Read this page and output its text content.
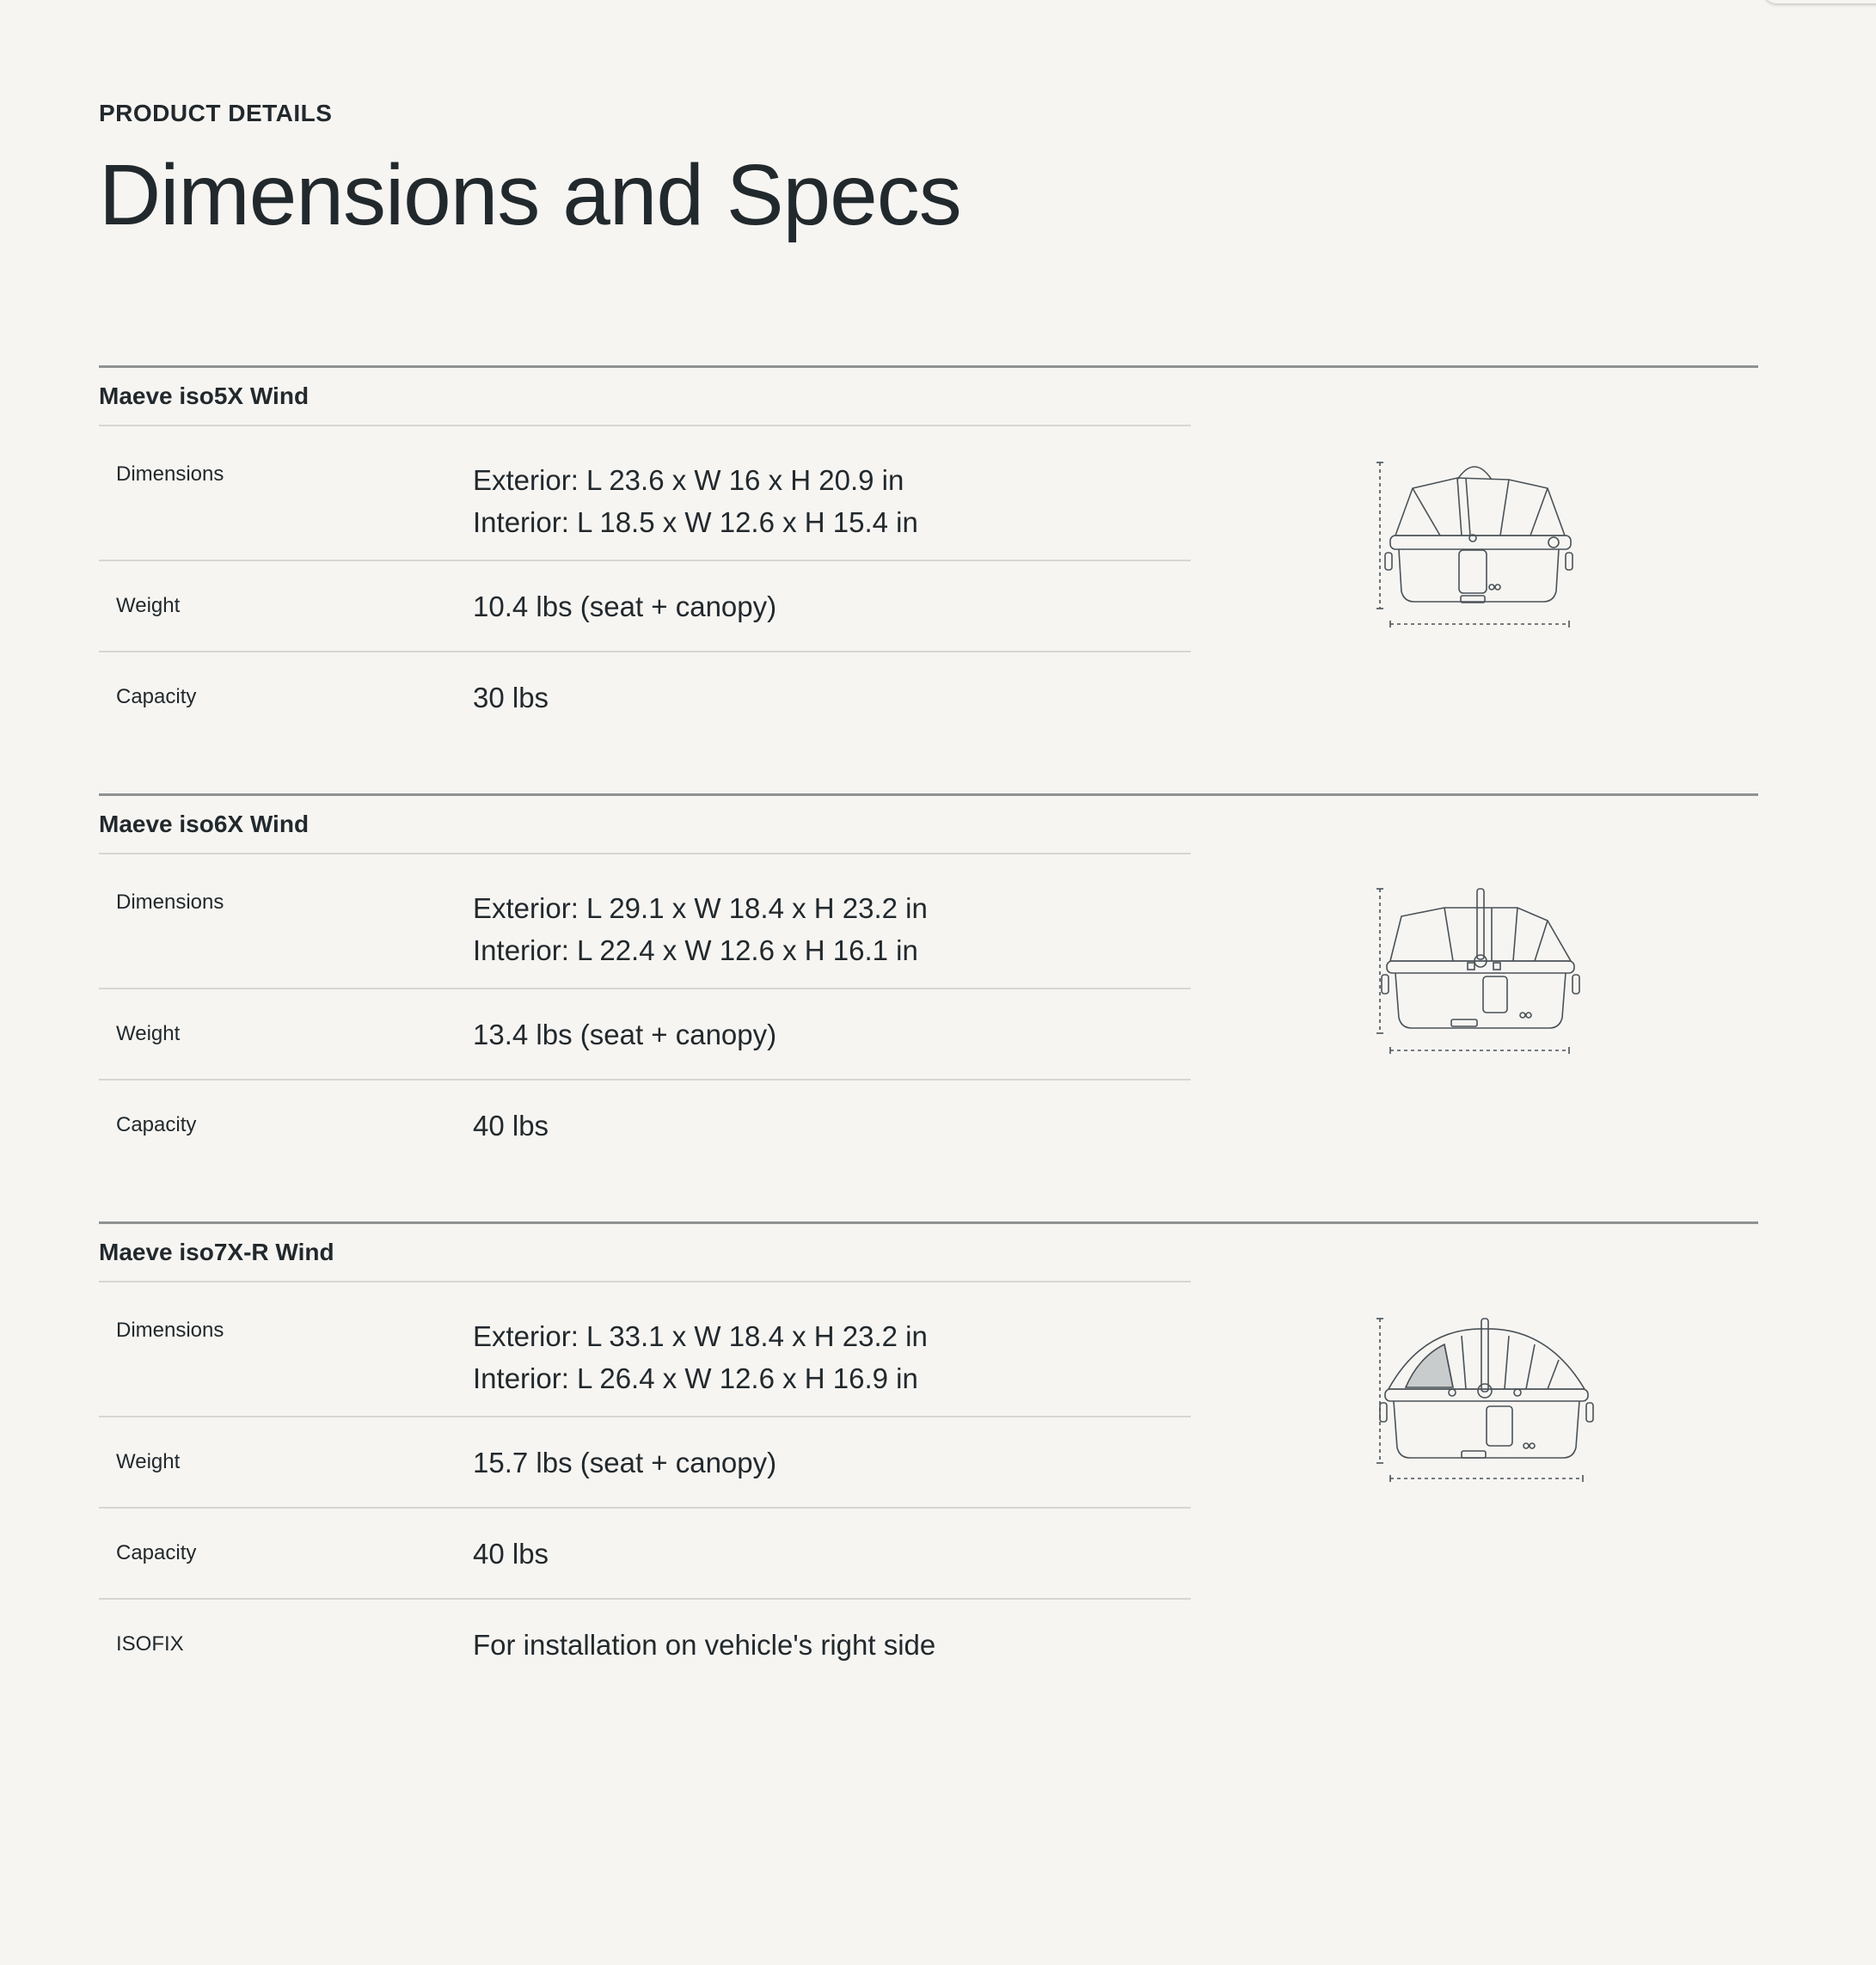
PRODUCT DETAILS
Dimensions and Specs
Maeve iso5X Wind
Dimensions	Exterior: L 23.6 x W 16 x H 20.9 in
Interior: L 18.5 x W 12.6 x H 15.4 in
Weight	10.4 lbs (seat + canopy)
Capacity	30 lbs
Maeve iso6X Wind
Dimensions	Exterior: L 29.1 x W 18.4 x H 23.2 in
Interior: L 22.4 x W 12.6 x H 16.1 in
Weight	13.4 lbs (seat + canopy)
Capacity	40 lbs
Maeve iso7X-R Wind
Dimensions	Exterior: L 33.1 x W 18.4 x H 23.2 in
Interior: L 26.4 x W 12.6 x H 16.9 in
Weight	15.7 lbs (seat + canopy)
Capacity	40 lbs
ISOFIX	For installation on vehicle's right side
